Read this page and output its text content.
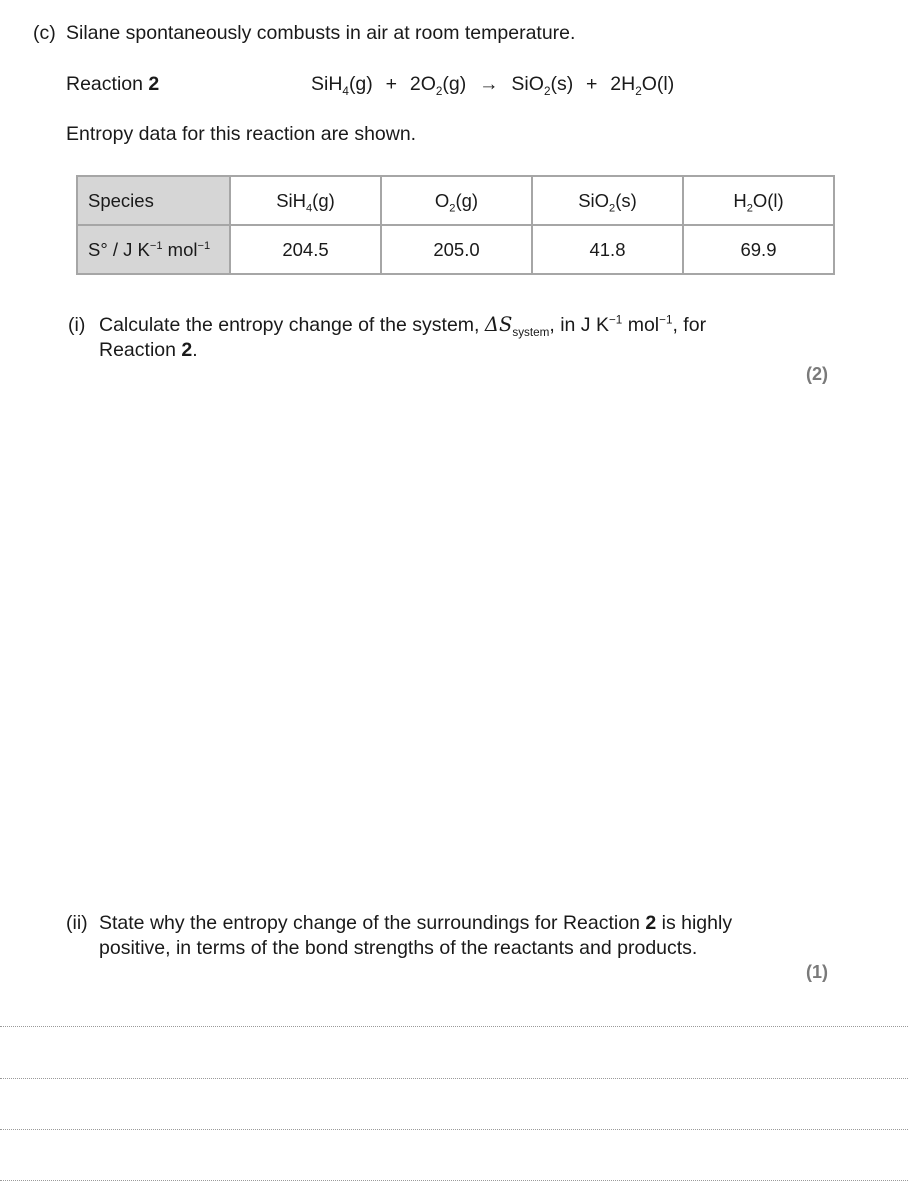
(c) Silane spontaneously combusts in air at room temperature.
Reaction 2	$SiH_4(g) + 2O_2(g) \to SiO_2(s) + 2H_2O(l)$
Entropy data for this reaction are shown.
Species	SiH$_4$(g)	$O_2(g)$	SiO$_2$(s)	$H_2O(l)$
S° / J $K^{-1}$ mol$^{-1}$	204.5	205.0	41.8	69.9
(i) Calculate the entropy change of the system, $\Delta S_{system}$, in J $K^{-1}$ mol$^{-1}$, for
Reaction 2.
(2)
(ii) State why the entropy change of the surroundings for Reaction 2 is highly
positive, in terms of the bond strengths of the reactants and products.
(1)
